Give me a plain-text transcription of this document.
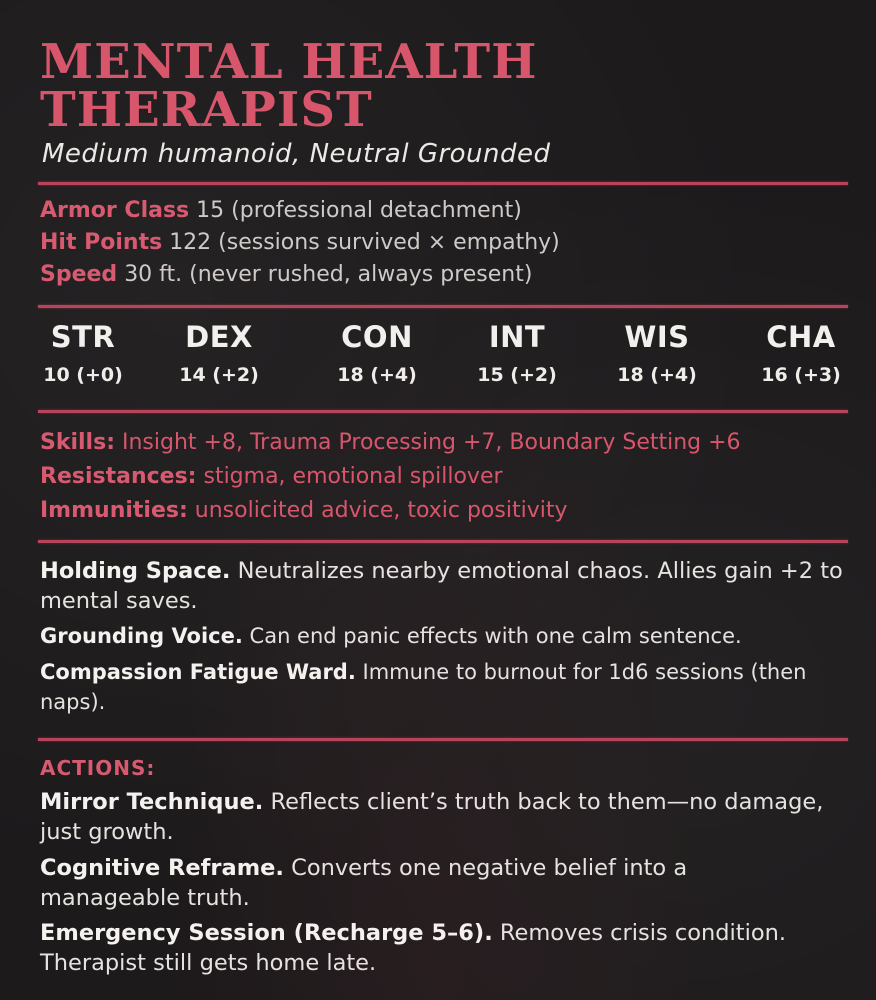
MENTAL HEALTH
THERAPIST
Medium humanoid, Neutral Grounded
Armor Class 15 (professional detachment)
Hit Points 122 (sessions survived × empathy)
Speed 30 ft. (never rushed, always present)
STR
10 (+0)
DEX
14 (+2)
CON
18 (+4)
INT
15 (+2)
WIS
18 (+4)
CHA
16 (+3)
Skills: Insight +8, Trauma Processing +7, Boundary Setting +6
Resistances: stigma, emotional spillover
Immunities: unsolicited advice, toxic positivity
Holding Space. Neutralizes nearby emotional chaos. Allies gain +2 to mental saves.
Grounding Voice. Can end panic effects with one calm sentence.
Compassion Fatigue Ward. Immune to burnout for 1d6 sessions (then naps).
ACTIONS:
Mirror Technique. Reflects client’s truth back to them—no damage, just growth.
Cognitive Reframe. Converts one negative belief into a manageable truth.
Emergency Session (Recharge 5–6). Removes crisis condition. Therapist still gets home late.
